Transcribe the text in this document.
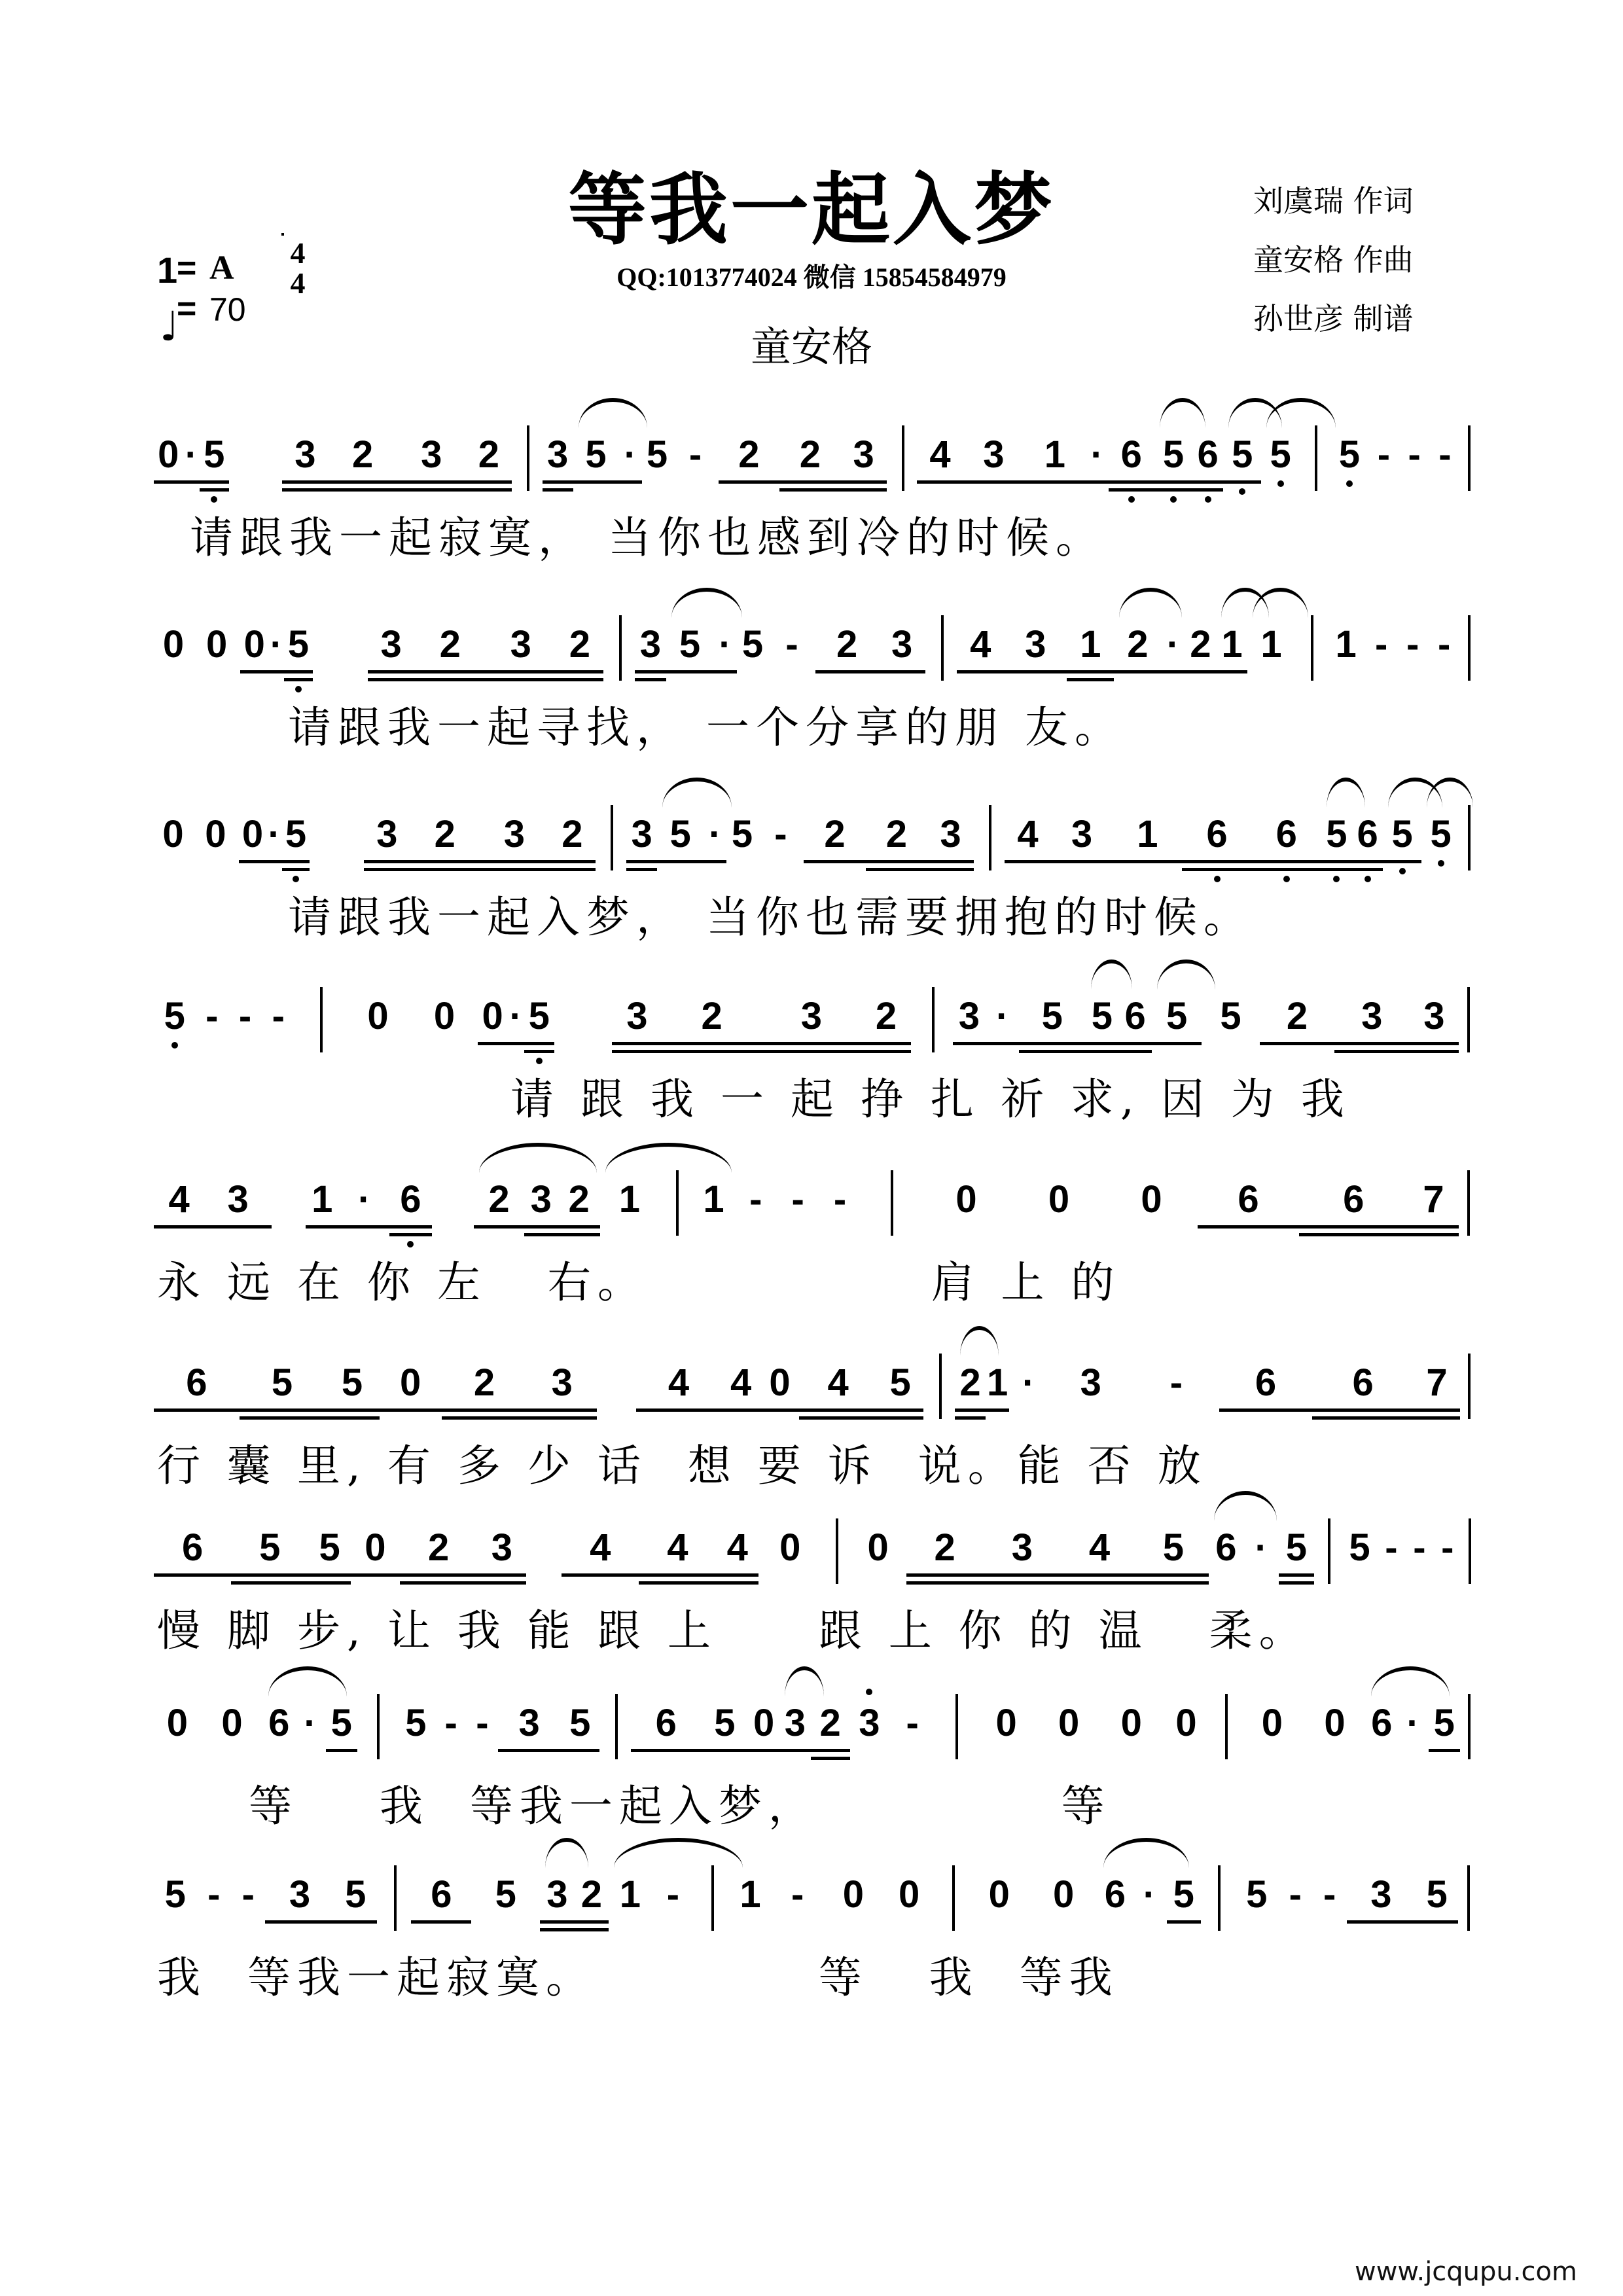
等我一起入梦
QQ:1013774024 微信 15854584979
童安格
刘虞瑞 作词
童安格 作曲
孙世彦 制谱
1
= A 4
4
♩
= 70
0 · 5	3 2	3 2	3 5 · 5 - 2	2 3	4 3	1 · 6 5 6 5 5 5 - - -
请跟我一起寂寞， 当你也感到冷的时候。
0 0 0 · 5	3 2	3 2	3 5 · 5 -	2 3	4 3 1 2 · 2 1 1	1 - - -
请跟我一起寻找， 一个分享的朋 友。
0 0 0 · 5	3 2	3 2	3 5 · 5 - 2	2 3	4 3	1	6	6 5 6 5 5
请跟我一起入梦， 当你也需要拥抱的时候。
5 - - -	0	0 0 · 5	3	2	3	2	3 · 5 5 6 5 5	2	3	3
请 跟 我 一 起 挣 扎 祈 求, 因 为 我
4 3	1 · 6	2 3 2 1	1 - - -	0	0	0	6	6	7
永 远 在 你 左   右。              肩 上 的
6	5	5 0	2	3	4	4 0 4	5	2 1 ·	3	-	6	6	7
行 囊 里, 有 多 少 话  想 要 诉  说。能 否 放
6	5	5 0	2	3	4	4	4 0	0	2	3	4	5 6 · 5 5 - - -
慢 脚 步, 让 我 能 跟 上     跟 上 你 的 温   柔。
0 0 6 · 5 5 - - 3 5	6 5 0 3 2 3 -	0	0	0 0	0	0 6 · 5
等    我  等我一起入梦，            等
5 - - 3 5	6	5 3 2 1 -	1 -	0 0	0	0 6 · 5 5 - - 3 5
我  等我一起寂寞。           等   我  等我
www.jcqupu.com
